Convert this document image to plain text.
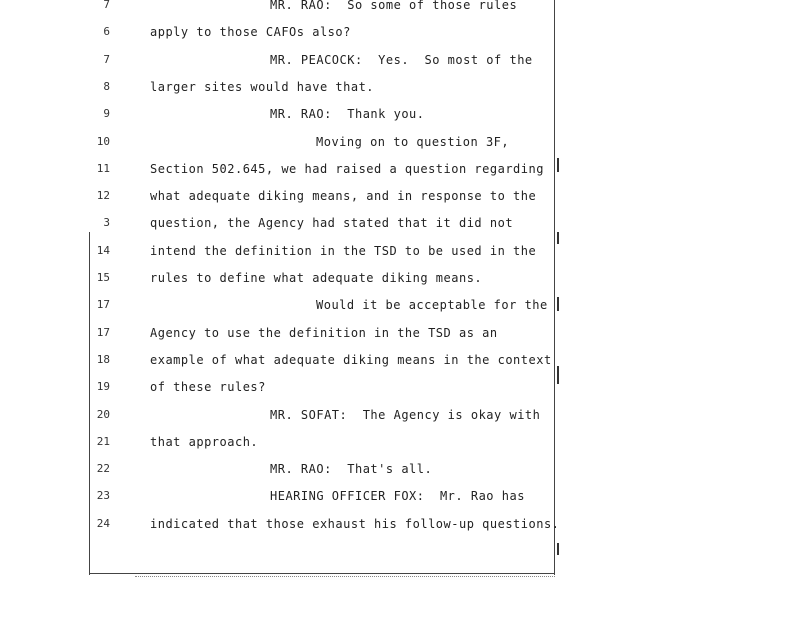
7	MR. RAO:  So some of those rules
6	apply to those CAFOs also?
7	MR. PEACOCK:  Yes.  So most of the
8	larger sites would have that.
9	MR. RAO:  Thank you.
10	Moving on to question 3F,
11	Section 502.645, we had raised a question regarding
12	what adequate diking means, and in response to the
3	question, the Agency had stated that it did not
14	intend the definition in the TSD to be used in the
15	rules to define what adequate diking means.
17	Would it be acceptable for the
17	Agency to use the definition in the TSD as an
18	example of what adequate diking means in the context
19	of these rules?
20	MR. SOFAT:  The Agency is okay with
21	that approach.
22	MR. RAO:  That's all.
23	HEARING OFFICER FOX:  Mr. Rao has
24	indicated that those exhaust his follow-up questions.
